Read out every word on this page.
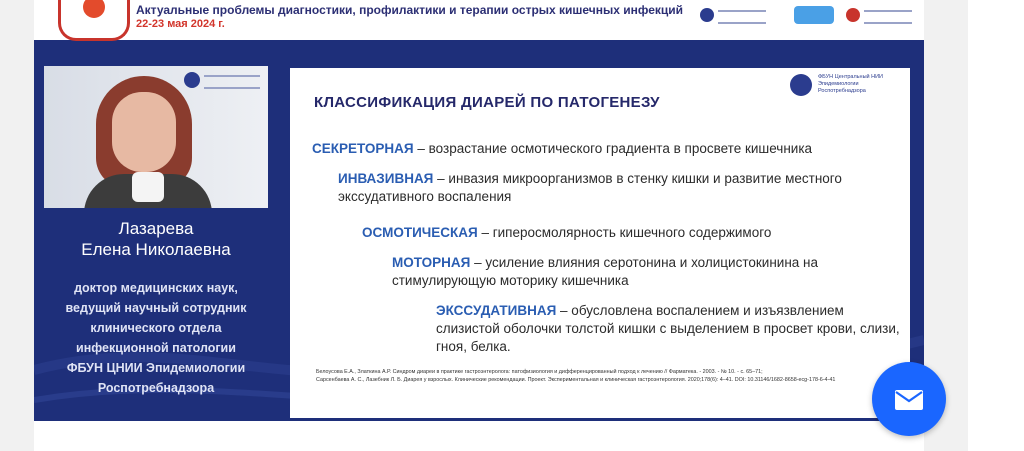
Актуальные проблемы диагностики, профилактики и терапии острых кишечных инфекций
22-23 мая 2024 г.
Лазарева
Елена Николаевна
доктор медицинских наук,
ведущий научный сотрудник
клинического отдела
инфекционной патологии
ФБУН ЦНИИ Эпидемиологии
Роспотребнадзора
ФБУН Центральный НИИ Эпидемиологии Роспотребнадзора
КЛАССИФИКАЦИЯ ДИАРЕЙ ПО ПАТОГЕНЕЗУ
СЕКРЕТОРНАЯ – возрастание осмотического градиента в просвете кишечника
ИНВАЗИВНАЯ – инвазия микроорганизмов в стенку кишки и развитие местного экссудативного воспаления
ОСМОТИЧЕСКАЯ – гиперосмолярность кишечного содержимого
МОТОРНАЯ – усиление влияния серотонина и холицистокинина на стимулирующую моторику кишечника
ЭКССУДАТИВНАЯ – обусловлена воспалением и изъязвлением слизистой оболочки толстой кишки с выделением в просвет крови, слизи, гноя, белка.
Белоусова Е.А., Златкина А.Р. Синдром диареи в практике гастроэнтеролога: патофизиология и дифференцированный подход к лечению // Фарматека. - 2003. - № 10. - с. 65–71;
Сарсенбаева А. С., Лазебник Л. Б. Диарея у взрослых. Клинические рекомендации. Проект. Экспериментальная и клиническая гастроэнтерология. 2020;178(6): 4–41. DOI: 10.31146/1682-8658-ecg-178-6-4-41
